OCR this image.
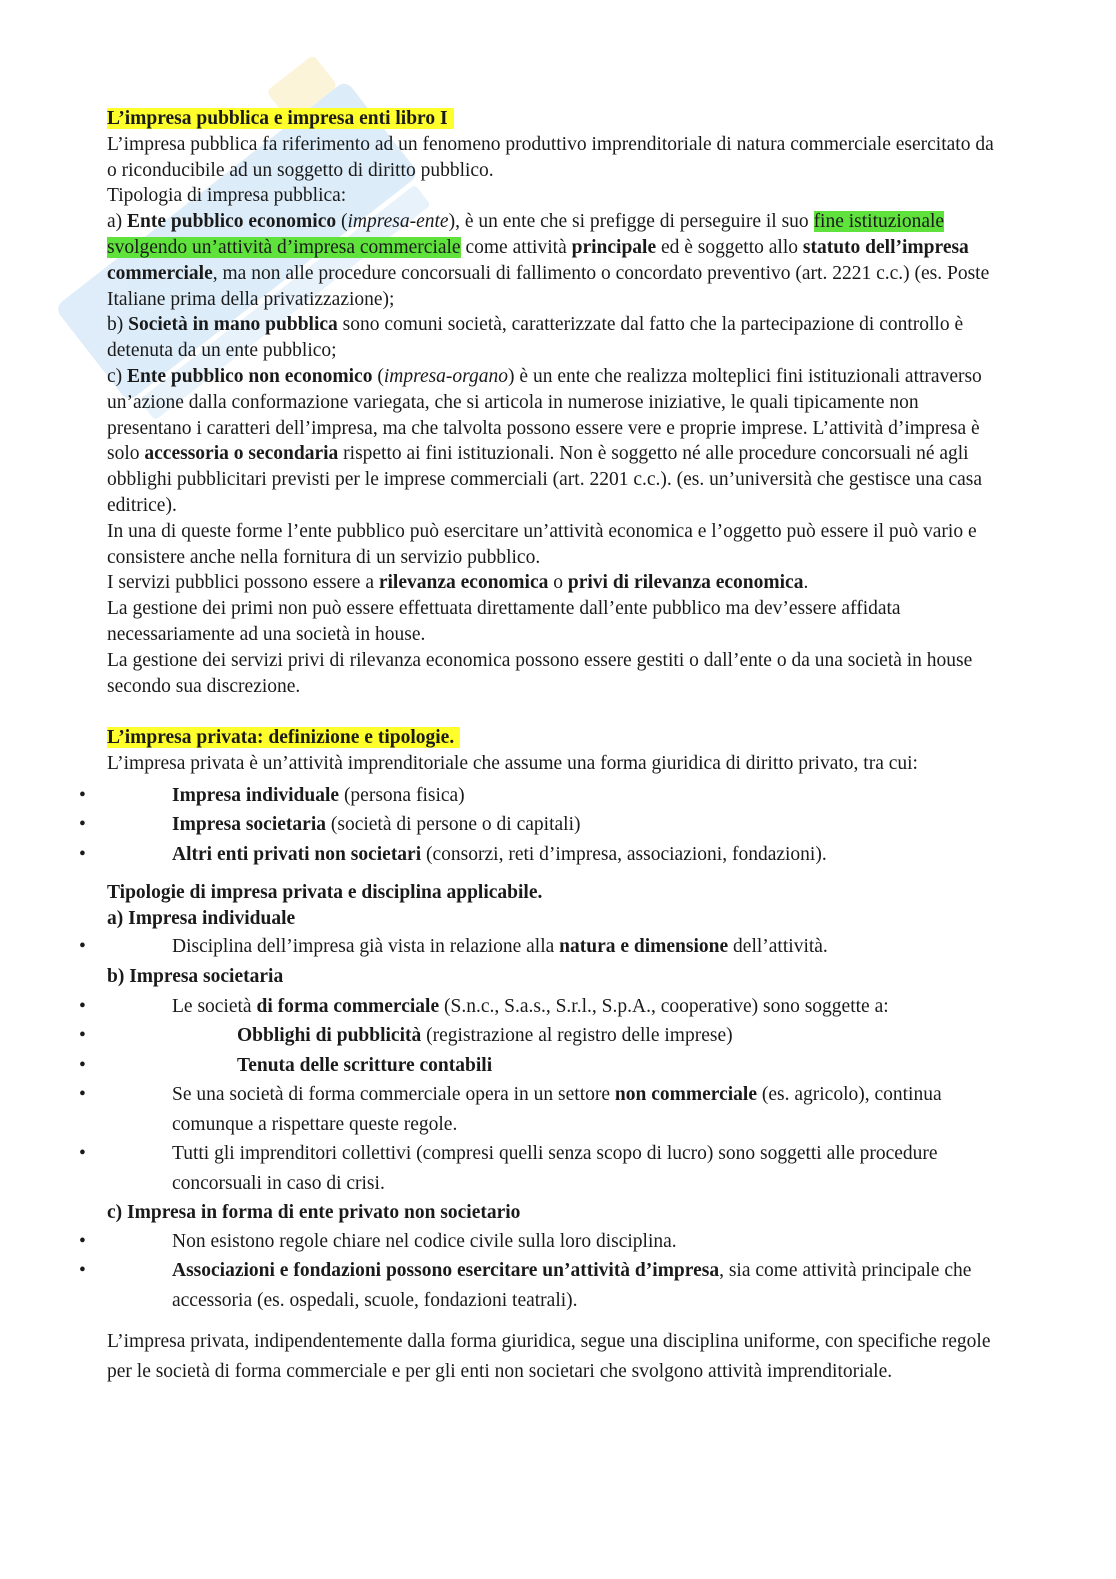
L’impresa pubblica e impresa enti libro I

L’impresa pubblica fa riferimento ad un fenomeno produttivo imprenditoriale di natura commerciale esercitato da o riconducibile ad un soggetto di diritto pubblico.

Tipologia di impresa pubblica:

a) Ente pubblico economico (impresa-ente), è un ente che si prefigge di perseguire il suo fine istituzionale svolgendo un’attività d’impresa commerciale come attività principale ed è soggetto allo statuto dell’impresa commerciale, ma non alle procedure concorsuali di fallimento o concordato preventivo (art. 2221 c.c.) (es. Poste Italiane prima della privatizzazione);

b) Società in mano pubblica sono comuni società, caratterizzate dal fatto che la partecipazione di controllo è detenuta da un ente pubblico;

c) Ente pubblico non economico (impresa-organo) è un ente che realizza molteplici fini istituzionali attraverso un’azione dalla conformazione variegata, che si articola in numerose iniziative, le quali tipicamente non presentano i caratteri dell’impresa, ma che talvolta possono essere vere e proprie imprese. L’attività d’impresa è solo accessoria o secondaria rispetto ai fini istituzionali. Non è soggetto né alle procedure concorsuali né agli obblighi pubblicitari previsti per le imprese commerciali (art. 2201 c.c.). (es. un’università che gestisce una casa editrice).

In una di queste forme l’ente pubblico può esercitare un’attività economica e l’oggetto può essere il può vario e consistere anche nella fornitura di un servizio pubblico.

I servizi pubblici possono essere a rilevanza economica o privi di rilevanza economica.

La gestione dei primi non può essere effettuata direttamente dall’ente pubblico ma dev’essere affidata necessariamente ad una società in house.

La gestione dei servizi privi di rilevanza economica possono essere gestiti o dall’ente o da una società in house secondo sua discrezione.

L’impresa privata: definizione e tipologie.

L’impresa privata è un’attività imprenditoriale che assume una forma giuridica di diritto privato, tra cui:

• Impresa individuale (persona fisica)
• Impresa societaria (società di persone o di capitali)
• Altri enti privati non societari (consorzi, reti d’impresa, associazioni, fondazioni).

Tipologie di impresa privata e disciplina applicabile.

a) Impresa individuale

• Disciplina dell’impresa già vista in relazione alla natura e dimensione dell’attività.

b) Impresa societaria

• Le società di forma commerciale (S.n.c., S.a.s., S.r.l., S.p.A., cooperative) sono soggette a:
• Obblighi di pubblicità (registrazione al registro delle imprese)
• Tenuta delle scritture contabili
• Se una società di forma commerciale opera in un settore non commerciale (es. agricolo), continua comunque a rispettare queste regole.
• Tutti gli imprenditori collettivi (compresi quelli senza scopo di lucro) sono soggetti alle procedure concorsuali in caso di crisi.

c) Impresa in forma di ente privato non societario

• Non esistono regole chiare nel codice civile sulla loro disciplina.
• Associazioni e fondazioni possono esercitare un’attività d’impresa, sia come attività principale che accessoria (es. ospedali, scuole, fondazioni teatrali).

L’impresa privata, indipendentemente dalla forma giuridica, segue una disciplina uniforme, con specifiche regole per le società di forma commerciale e per gli enti non societari che svolgono attività imprenditoriale.
